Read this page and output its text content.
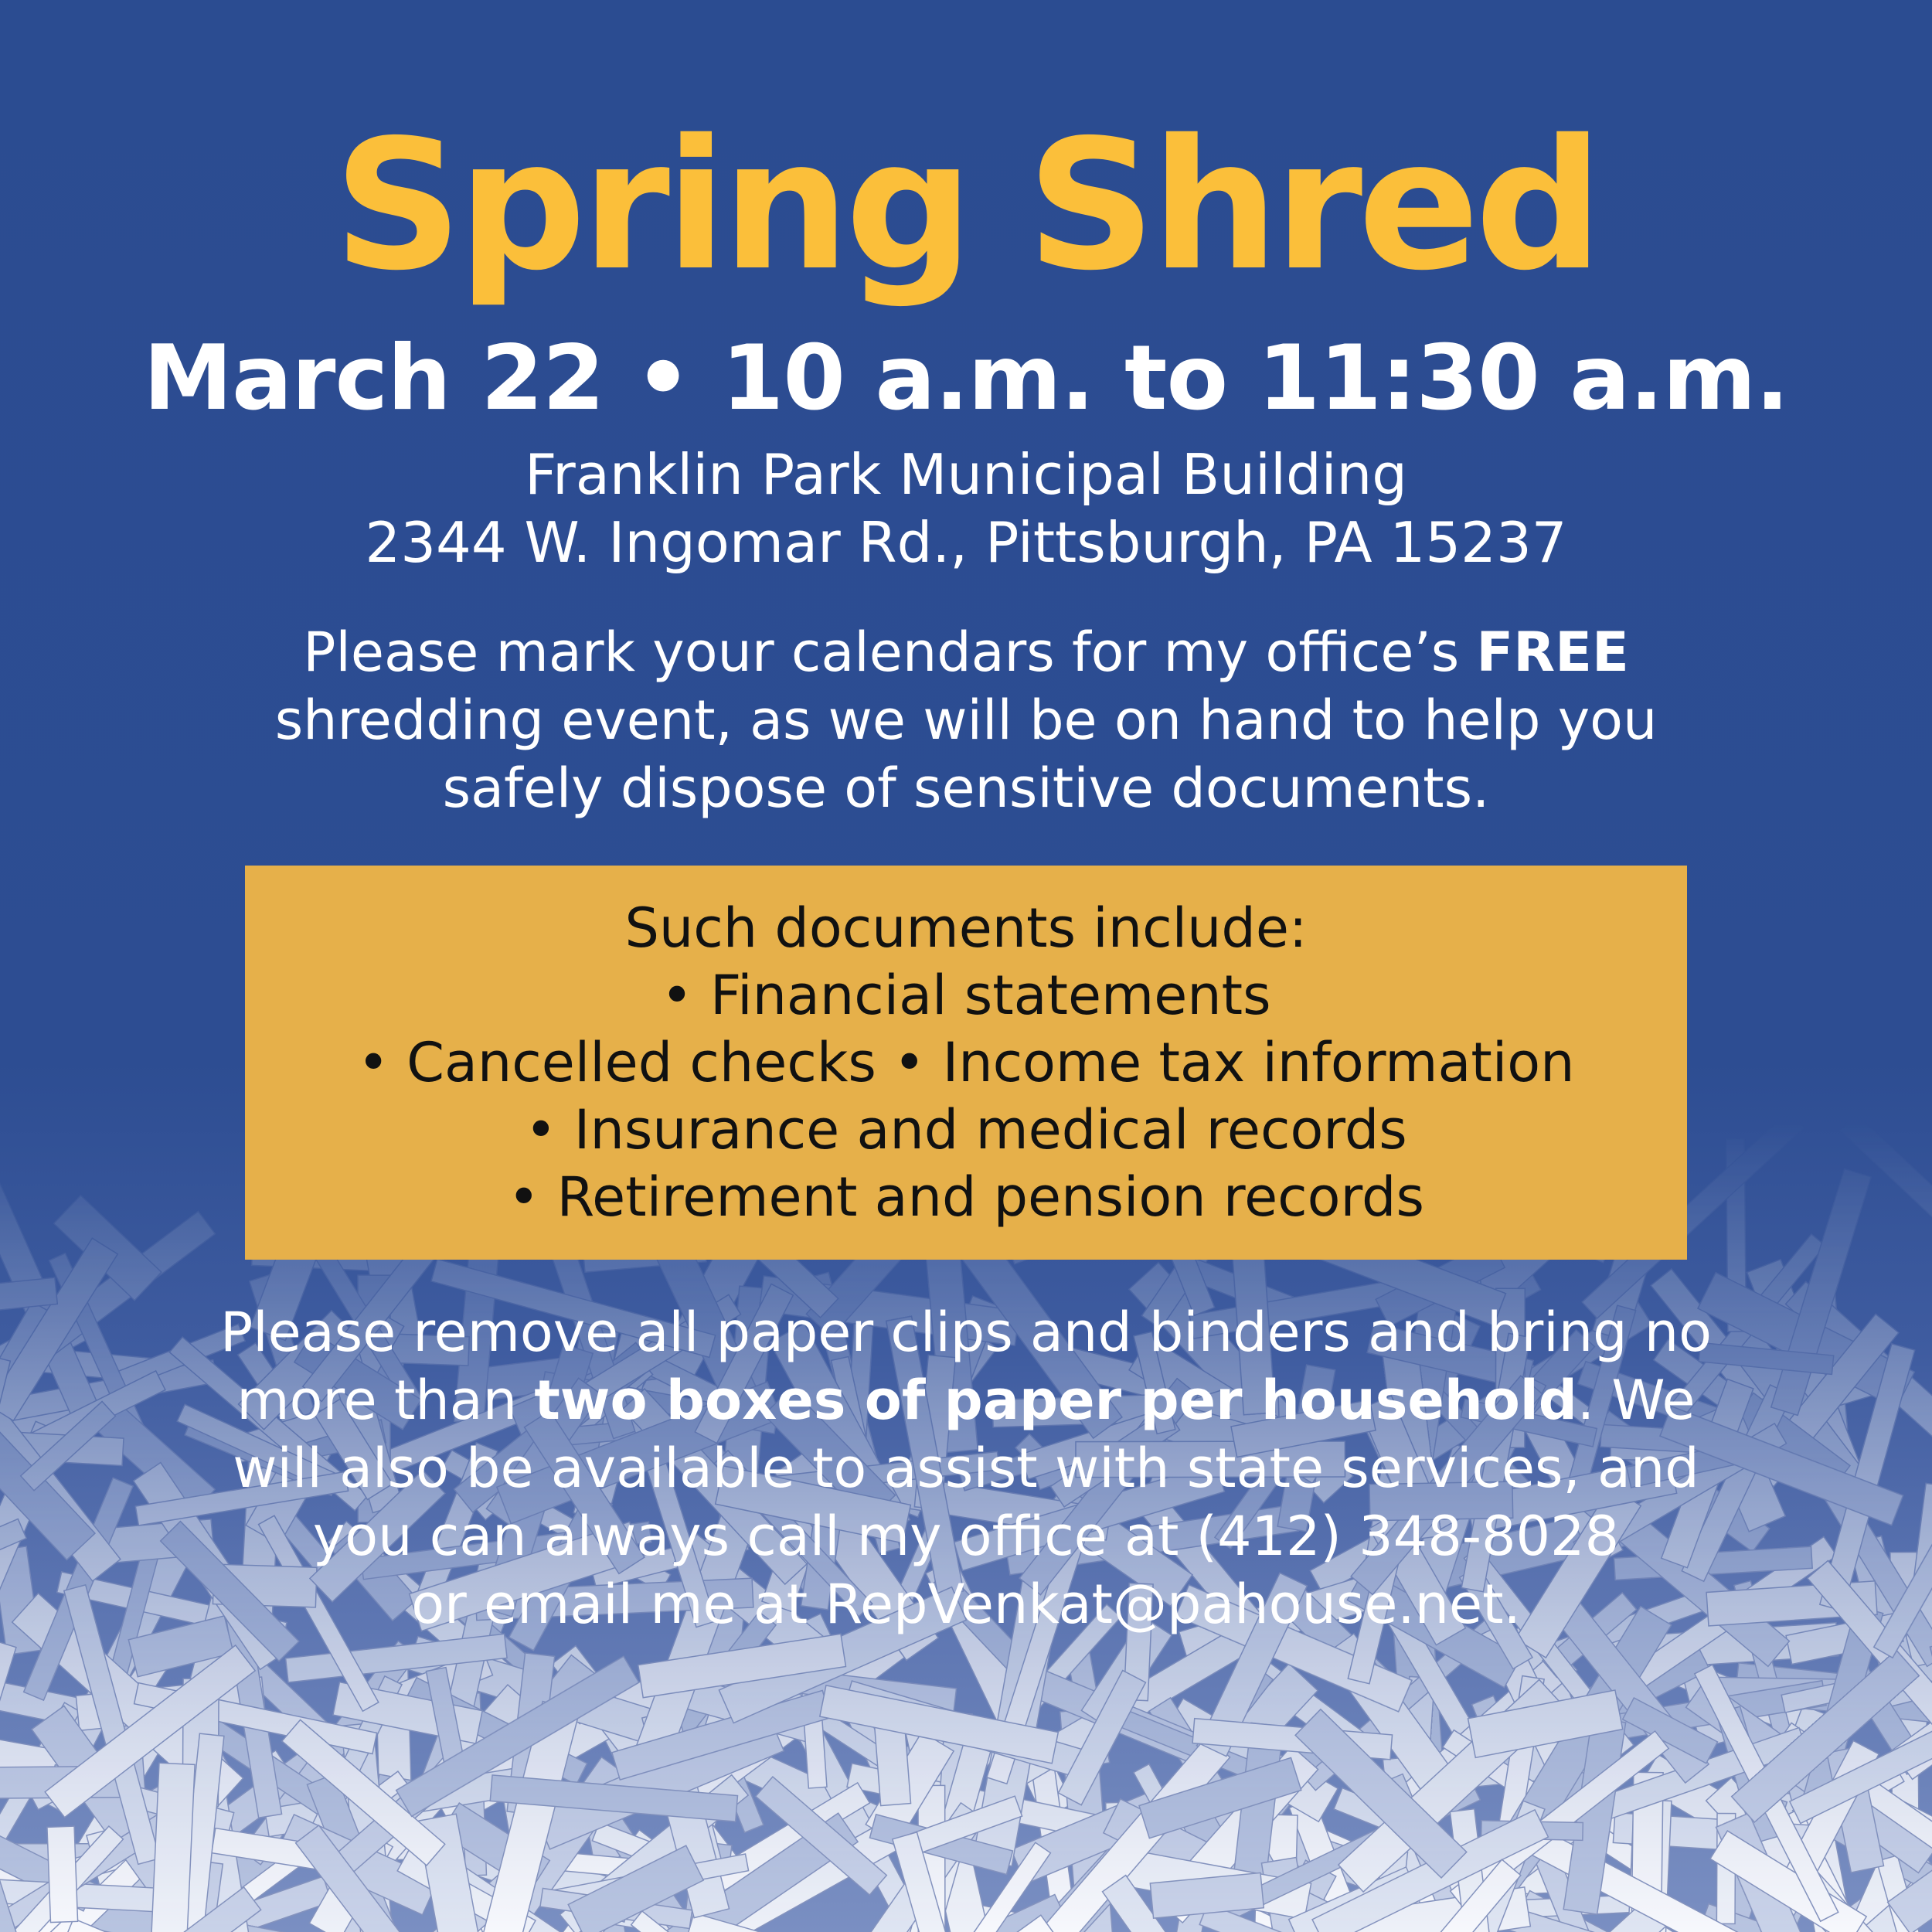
Spring Shred
March 22 • 10 a.m. to 11:30 a.m.
Franklin Park Municipal Building
2344 W. Ingomar Rd., Pittsburgh, PA 15237
Please mark your calendars for my office’s FREE
shredding event, as we will be on hand to help you
safely dispose of sensitive documents.
Such documents include:
• Financial statements
• Cancelled checks • Income tax information
• Insurance and medical records
• Retirement and pension records
Please remove all paper clips and binders and bring no
more than two boxes of paper per household. We
will also be available to assist with state services, and
you can always call my office at (412) 348-8028
or email me at RepVenkat@pahouse.net.
